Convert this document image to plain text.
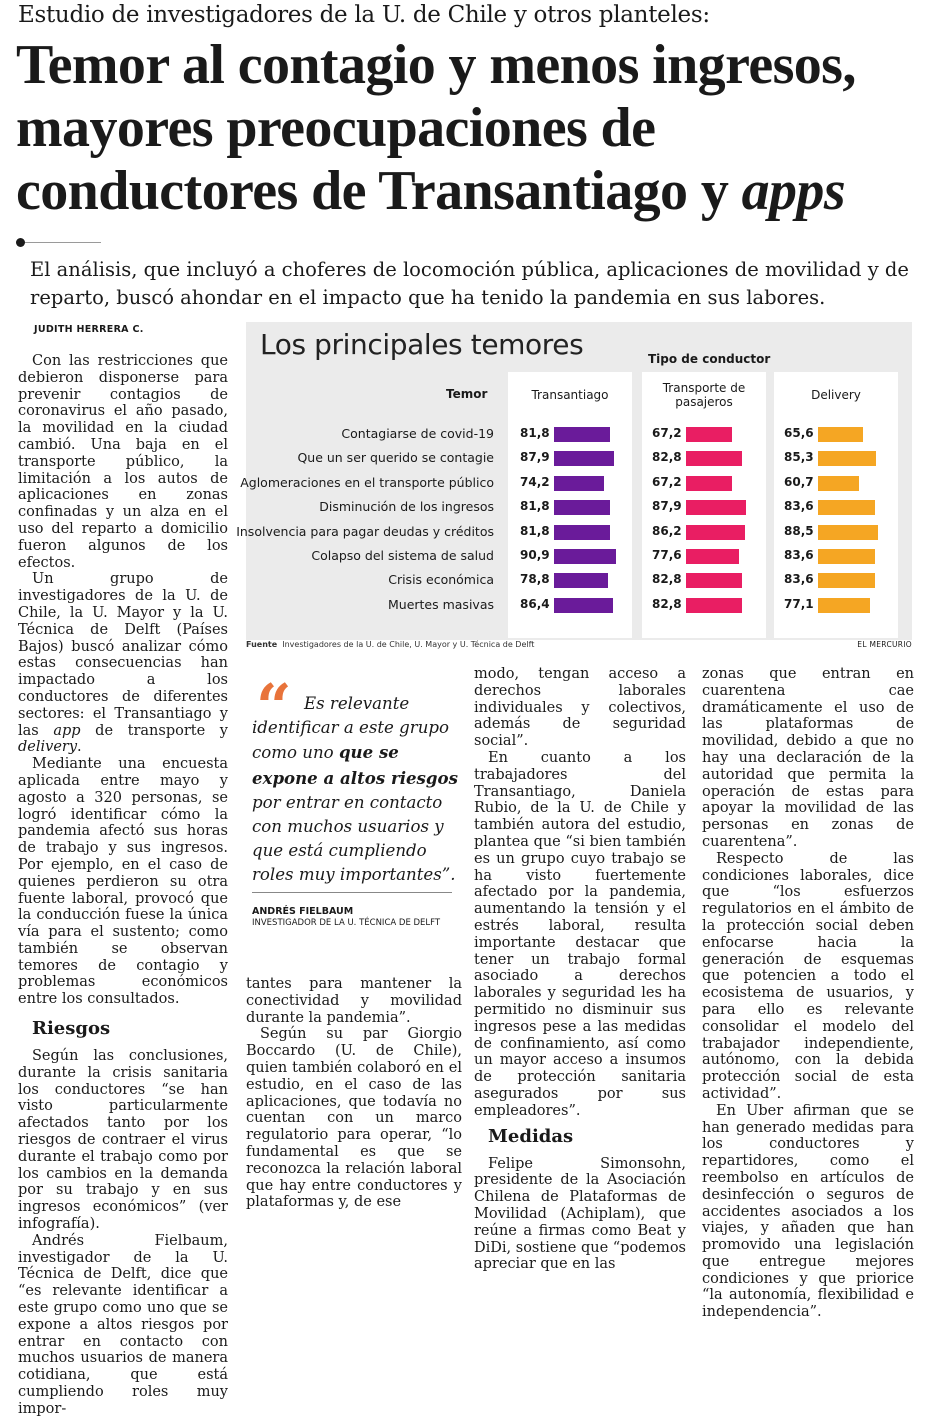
Estudio de investigadores de la U. de Chile y otros planteles:
Temor al contagio y menos ingresos, mayores preocupaciones de conductores de Transantiago y apps

El análisis, que incluyó a choferes de locomoción pública, aplicaciones de movilidad y de reparto, buscó ahondar en el impacto que ha tenido la pandemia en sus labores.

JUDITH HERRERA C.	Los principales temores	Tipo de conductor
Temor	Transantiago	Transporte de pasajeros	Delivery
Contagiarse de covid-19 81,8	67,2	65,6
Que un ser querido se contagie 87,9	82,8	85,3
Aglomeraciones en el transporte público 74,2	67,2	60,7
Disminución de los ingresos 81,8	87,9	83,6
Insolvencia para pagar deudas y créditos 81,8	86,2	88,5
Colapso del sistema de salud 90,9	77,6	83,6
Crisis económica 78,8	82,8	83,6
Muertes masivas 86,4	82,8	77,1
Fuente Investigadores de la U. de Chile, U. Mayor y U. Técnica de Delft	EL MERCURIO

Con las restricciones que debieron disponerse para prevenir contagios de coronavirus el año pasado, la movilidad en la ciudad cambió. Una baja en el transporte público, la limitación a los autos de aplicaciones en zonas confinadas y un alza en el uso del reparto a domicilio fueron algunos de los efectos.

Un grupo de investigadores de la U. de Chile, la U. Mayor y la U. Técnica de Delft (Países Bajos) buscó analizar cómo estas consecuencias han impactado a los conductores de diferentes sectores: el Transantiago y las app de transporte y delivery.

Mediante una encuesta aplicada entre mayo y agosto a 320 personas, se logró identificar cómo la pandemia afectó sus horas de trabajo y sus ingresos. Por ejemplo, en el caso de quienes perdieron su otra fuente laboral, provocó que la conducción fuese la única vía para el sustento; como también se observan temores de contagio y problemas económicos entre los consultados.

Riesgos

Según las conclusiones, durante la crisis sanitaria los conductores “se han visto particularmente afectados tanto por los riesgos de contraer el virus durante el trabajo como por los cambios en la demanda por su trabajo y en sus ingresos económicos” (ver infografía).

Andrés Fielbaum, investigador de la U. Técnica de Delft, dice que “es relevante identificar a este grupo como uno que se expone a altos riesgos por entrar en contacto con muchos usuarios de manera cotidiana, que está cumpliendo roles muy impor-

“ Es relevante identificar a este grupo como uno que se expone a altos riesgos por entrar en contacto con muchos usuarios y que está cumpliendo roles muy importantes”.

ANDRÉS FIELBAUM
INVESTIGADOR DE LA U. TÉCNICA DE DELFT

tantes para mantener la conectividad y movilidad durante la pandemia”.

Según su par Giorgio Boccardo (U. de Chile), quien también colaboró en el estudio, en el caso de las aplicaciones, que todavía no cuentan con un marco regulatorio para operar, “lo fundamental es que se reconozca la relación laboral que hay entre conductores y plataformas y, de ese

modo, tengan acceso a derechos laborales individuales y colectivos, además de seguridad social”.

En cuanto a los trabajadores del Transantiago, Daniela Rubio, de la U. de Chile y también autora del estudio, plantea que “si bien también es un grupo cuyo trabajo se ha visto fuertemente afectado por la pandemia, aumentando la tensión y el estrés laboral, resulta importante destacar que tener un trabajo formal asociado a derechos laborales y seguridad les ha permitido no disminuir sus ingresos pese a las medidas de confinamiento, así como un mayor acceso a insumos de protección sanitaria asegurados por sus empleadores”.

Medidas

Felipe Simonsohn, presidente de la Asociación Chilena de Plataformas de Movilidad (Achiplam), que reúne a firmas como Beat y DiDi, sostiene que “podemos apreciar que en las

zonas que entran en cuarentena cae dramáticamente el uso de las plataformas de movilidad, debido a que no hay una declaración de la autoridad que permita la operación de estas para apoyar la movilidad de las personas en zonas de cuarentena”.

Respecto de las condiciones laborales, dice que “los esfuerzos regulatorios en el ámbito de la protección social deben enfocarse hacia la generación de esquemas que potencien a todo el ecosistema de usuarios, y para ello es relevante consolidar el modelo del trabajador independiente, autónomo, con la debida protección social de esta actividad”.

En Uber afirman que se han generado medidas para los conductores y repartidores, como el reembolso en artículos de desinfección o seguros de accidentes asociados a los viajes, y añaden que han promovido una legislación que entregue mejores condiciones y que priorice “la autonomía, flexibilidad e independencia”.
